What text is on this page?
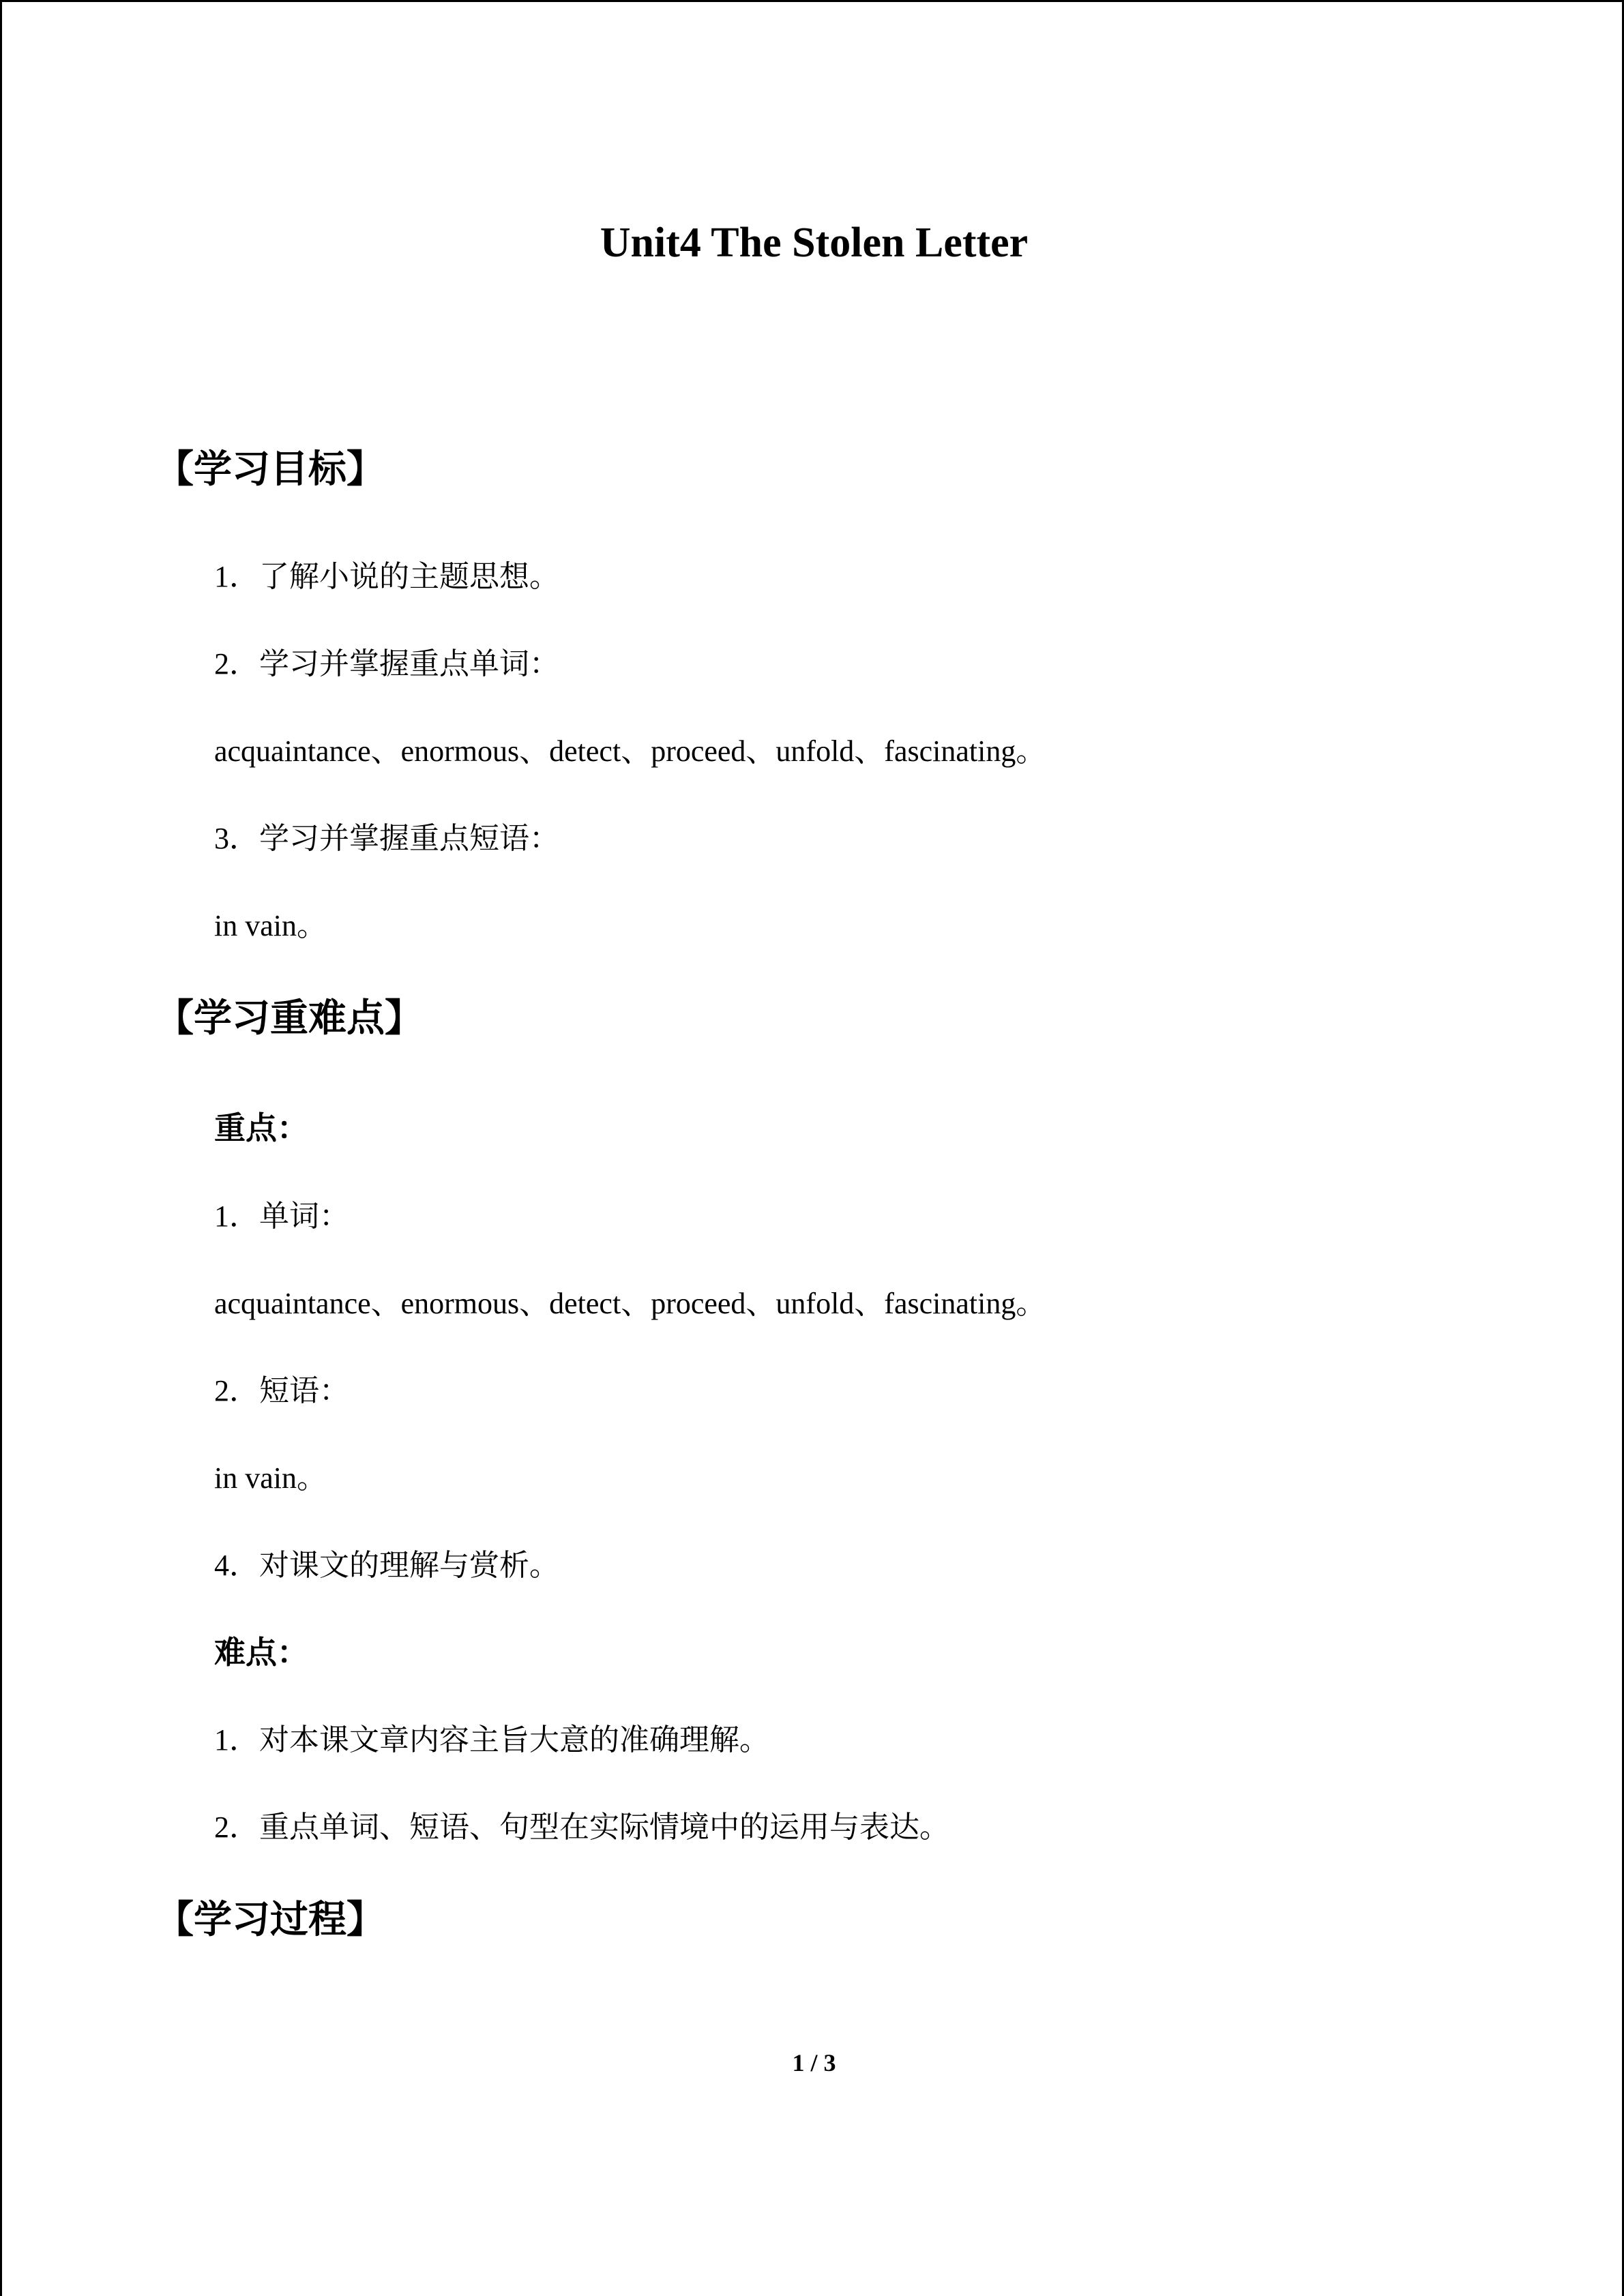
Unit4 The Stolen Letter
【学习目标】
1．了解小说的主题思想。
2．学习并掌握重点单词：
acquaintance、enormous、detect、proceed、unfold、fascinating。
3．学习并掌握重点短语：
in vain。
【学习重难点】
重点：
1．单词：
acquaintance、enormous、detect、proceed、unfold、fascinating。
2．短语：
in vain。
4．对课文的理解与赏析。
难点：
1．对本课文章内容主旨大意的准确理解。
2．重点单词、短语、句型在实际情境中的运用与表达。
【学习过程】
1 / 3
